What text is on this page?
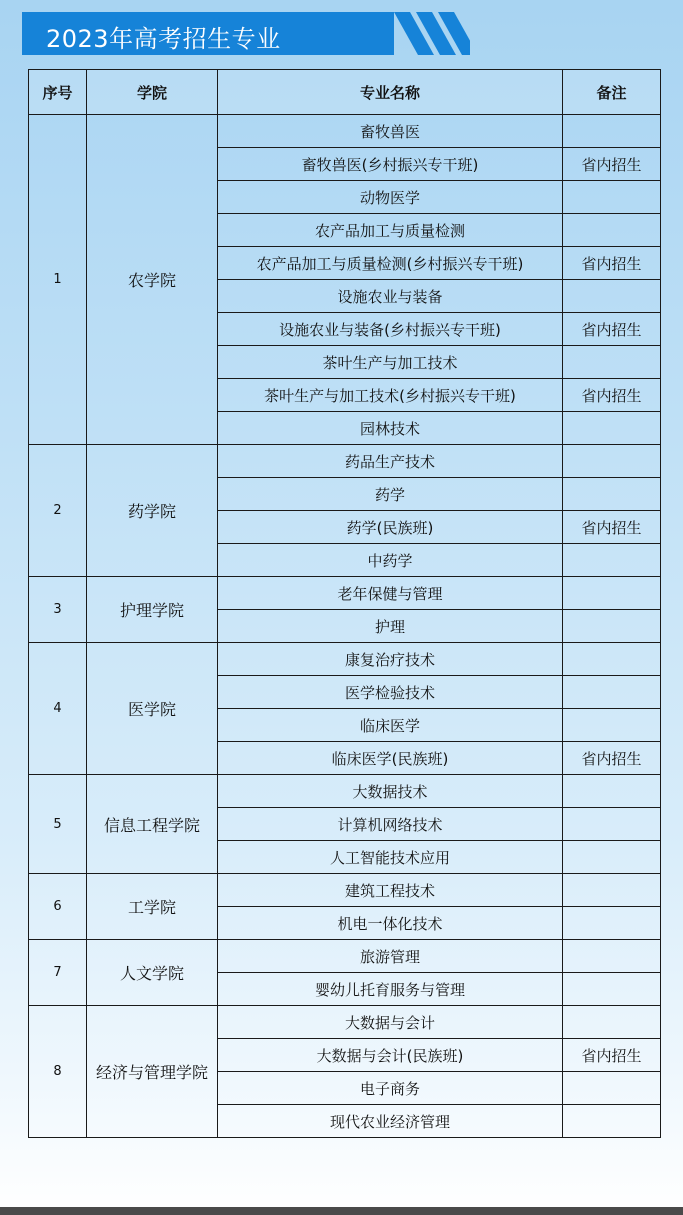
2023年高考招生专业
序号	学院	专业名称	备注
1	农学院	畜牧兽医	
		畜牧兽医(乡村振兴专干班)	省内招生
		动物医学	
		农产品加工与质量检测	
		农产品加工与质量检测(乡村振兴专干班)	省内招生
		设施农业与装备	
		设施农业与装备(乡村振兴专干班)	省内招生
		茶叶生产与加工技术	
		茶叶生产与加工技术(乡村振兴专干班)	省内招生
		园林技术	
2	药学院	药品生产技术	
		药学	
		药学(民族班)	省内招生
		中药学	
3	护理学院	老年保健与管理	
		护理	
4	医学院	康复治疗技术	
		医学检验技术	
		临床医学	
		临床医学(民族班)	省内招生
5	信息工程学院	大数据技术	
		计算机网络技术	
		人工智能技术应用	
6	工学院	建筑工程技术	
		机电一体化技术	
7	人文学院	旅游管理	
		婴幼儿托育服务与管理	
8	经济与管理学院	大数据与会计	
		大数据与会计(民族班)	省内招生
		电子商务	
		现代农业经济管理	
